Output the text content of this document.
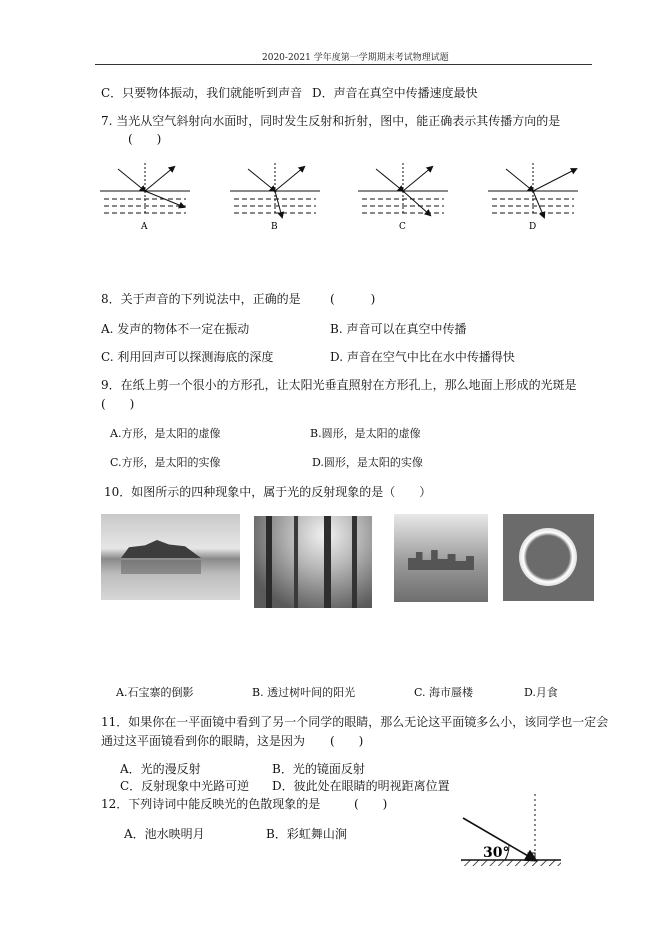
2020-2021 学年度第一学期期末考试物理试题
C．只要物体振动，我们就能听到声音 D．声音在真空中传播速度最快
7. 当光从空气斜射向水面时，同时发生反射和折射，图中，能正确表示其传播方向的是
(　　)
A	B	C	D
8．关于声音的下列说法中，正确的是 (　　　)
A. 发声的物体不一定在振动	B. 声音可以在真空中传播
C. 利用回声可以探测海底的深度	D. 声音在空气中比在水中传播得快
9．在纸上剪一个很小的方形孔，让太阳光垂直照射在方形孔上，那么地面上形成的光斑是
(　　)
A.方形，是太阳的虚像	B.圆形，是太阳的虚像
C.方形，是太阳的实像	D.圆形，是太阳的实像
10．如图所示的四种现象中，属于光的反射现象的是（　　）
A.石宝寨的倒影	B. 透过树叶间的阳光	C. 海市蜃楼	D.月食
11．如果你在一平面镜中看到了另一个同学的眼睛，那么无论这平面镜多么小，该同学也一定会
通过这平面镜看到你的眼睛，这是因为 (　　)
A．光的漫反射	B．光的镜面反射
C．反射现象中光路可逆 D．彼此处在眼睛的明视距离位置
12．下列诗词中能反映光的色散现象的是	(　　)
A．池水映明月	B．彩虹舞山涧
30°
